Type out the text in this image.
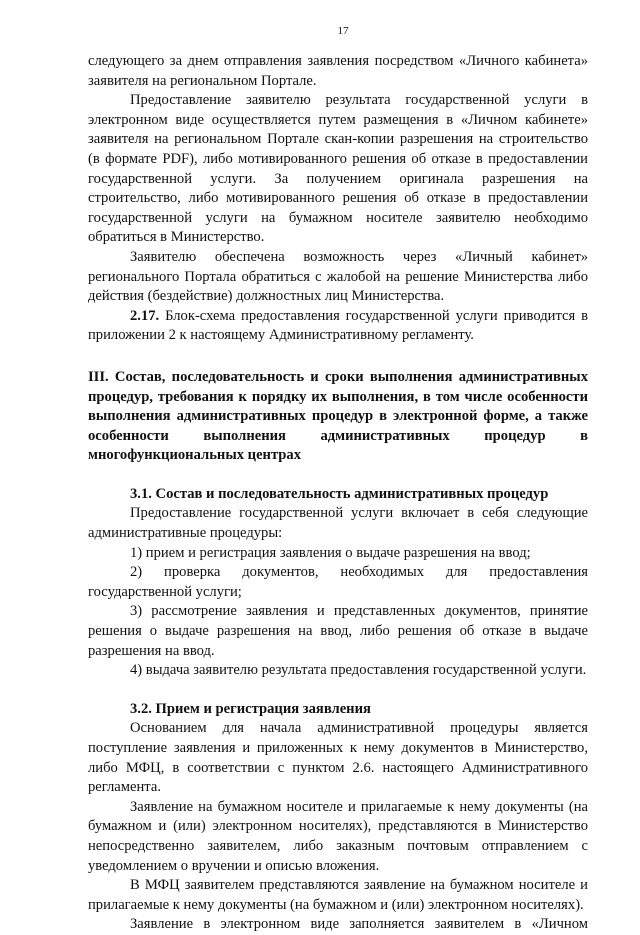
17

следующего за днем отправления заявления посредством «Личного кабинета» заявителя на региональном Портале.

Предоставление заявителю результата государственной услуги в электронном виде осуществляется путем размещения в «Личном кабинете» заявителя на региональном Портале скан-копии разрешения на строительство (в формате PDF), либо мотивированного решения об отказе в предоставлении государственной услуги. За получением оригинала разрешения на строительство, либо мотивированного решения об отказе в предоставлении государственной услуги на бумажном носителе заявителю необходимо обратиться в Министерство.

Заявителю обеспечена возможность через «Личный кабинет» регионального Портала обратиться с жалобой на решение Министерства либо действия (бездействие) должностных лиц Министерства.

2.17. Блок-схема предоставления государственной услуги приводится в приложении 2 к настоящему Административному регламенту.

III. Состав, последовательность и сроки выполнения административных процедур, требования к порядку их выполнения, в том числе особенности выполнения административных процедур в электронной форме, а также особенности выполнения административных процедур в многофункциональных центрах
3.1. Состав и последовательность административных процедур

Предоставление государственной услуги включает в себя следующие административные процедуры:

1) прием и регистрация заявления о выдаче разрешения на ввод;

2) проверка документов, необходимых для предоставления государственной услуги;

3) рассмотрение заявления и представленных документов, принятие решения о выдаче разрешения на ввод, либо решения об отказе в выдаче разрешения на ввод.

4) выдача заявителю результата предоставления государственной услуги.

3.2. Прием и регистрация заявления

Основанием для начала административной процедуры является поступление заявления и приложенных к нему документов в Министерство, либо МФЦ, в соответствии с пунктом 2.6. настоящего Административного регламента.

Заявление на бумажном носителе и прилагаемые к нему документы (на бумажном и (или) электронном носителях), представляются в Министерство непосредственно заявителем, либо заказным почтовым отправлением с уведомлением о вручении и описью вложения.

В МФЦ заявителем представляются заявление на бумажном носителе и прилагаемые к нему документы (на бумажном и (или) электронном носителях).

Заявление в электронном виде заполняется заявителем в «Личном
